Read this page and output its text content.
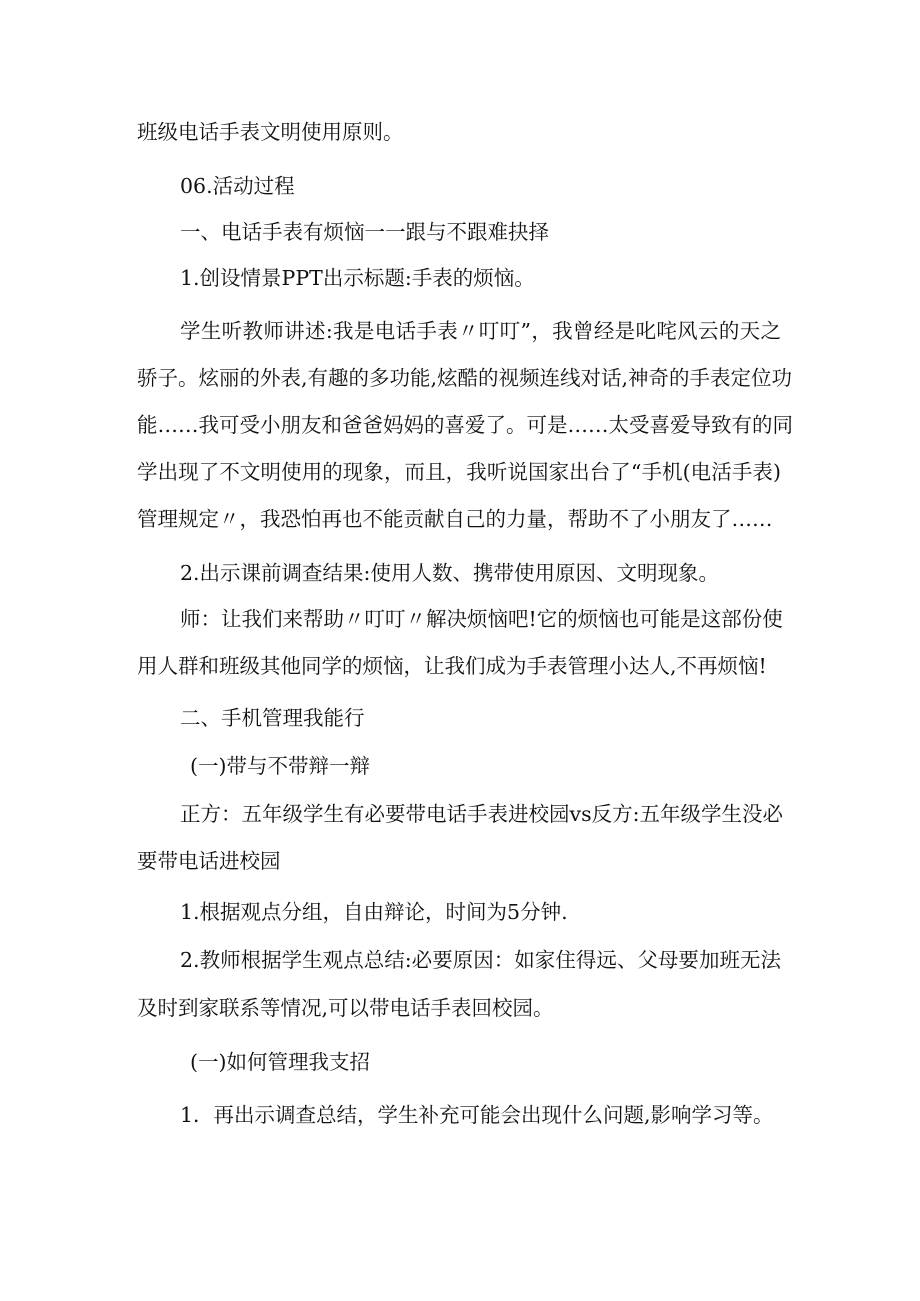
班级电话手表文明使用原则。
06.活动过程
一、电话手表有烦恼一一跟与不跟难抉择
1.创设情景PPT出示标题:手表的烦恼。
学生听教师讲述:我是电话手表〃叮叮”，我曾经是叱咤风云的天之
骄子。炫丽的外表,有趣的多功能,炫酷的视频连线对话,神奇的手表定位功
能……我可受小朋友和爸爸妈妈的喜爱了。可是……太受喜爱导致有的同
学出现了不文明使用的现象，而且，我听说国家出台了“手机(电活手表)
管理规定〃，我恐怕再也不能贡献自己的力量，帮助不了小朋友了……
2.出示课前调查结果:使用人数、携带使用原因、文明现象。
师：让我们来帮助〃叮叮〃解决烦恼吧!它的烦恼也可能是这部份使
用人群和班级其他同学的烦恼，让我们成为手表管理小达人,不再烦恼!
二、手机管理我能行
(一)带与不带辩一辩
正方：五年级学生有必要带电话手表进校园vs反方:五年级学生没必
要带电话进校园
1.根据观点分组，自由辩论，时间为5分钟.
2.教师根据学生观点总结:必要原因：如家住得远、父母要加班无法
及时到家联系等情况,可以带电话手表回校园。
(一)如何管理我支招
1．再出示调查总结，学生补充可能会出现什么问题,影响学习等。
